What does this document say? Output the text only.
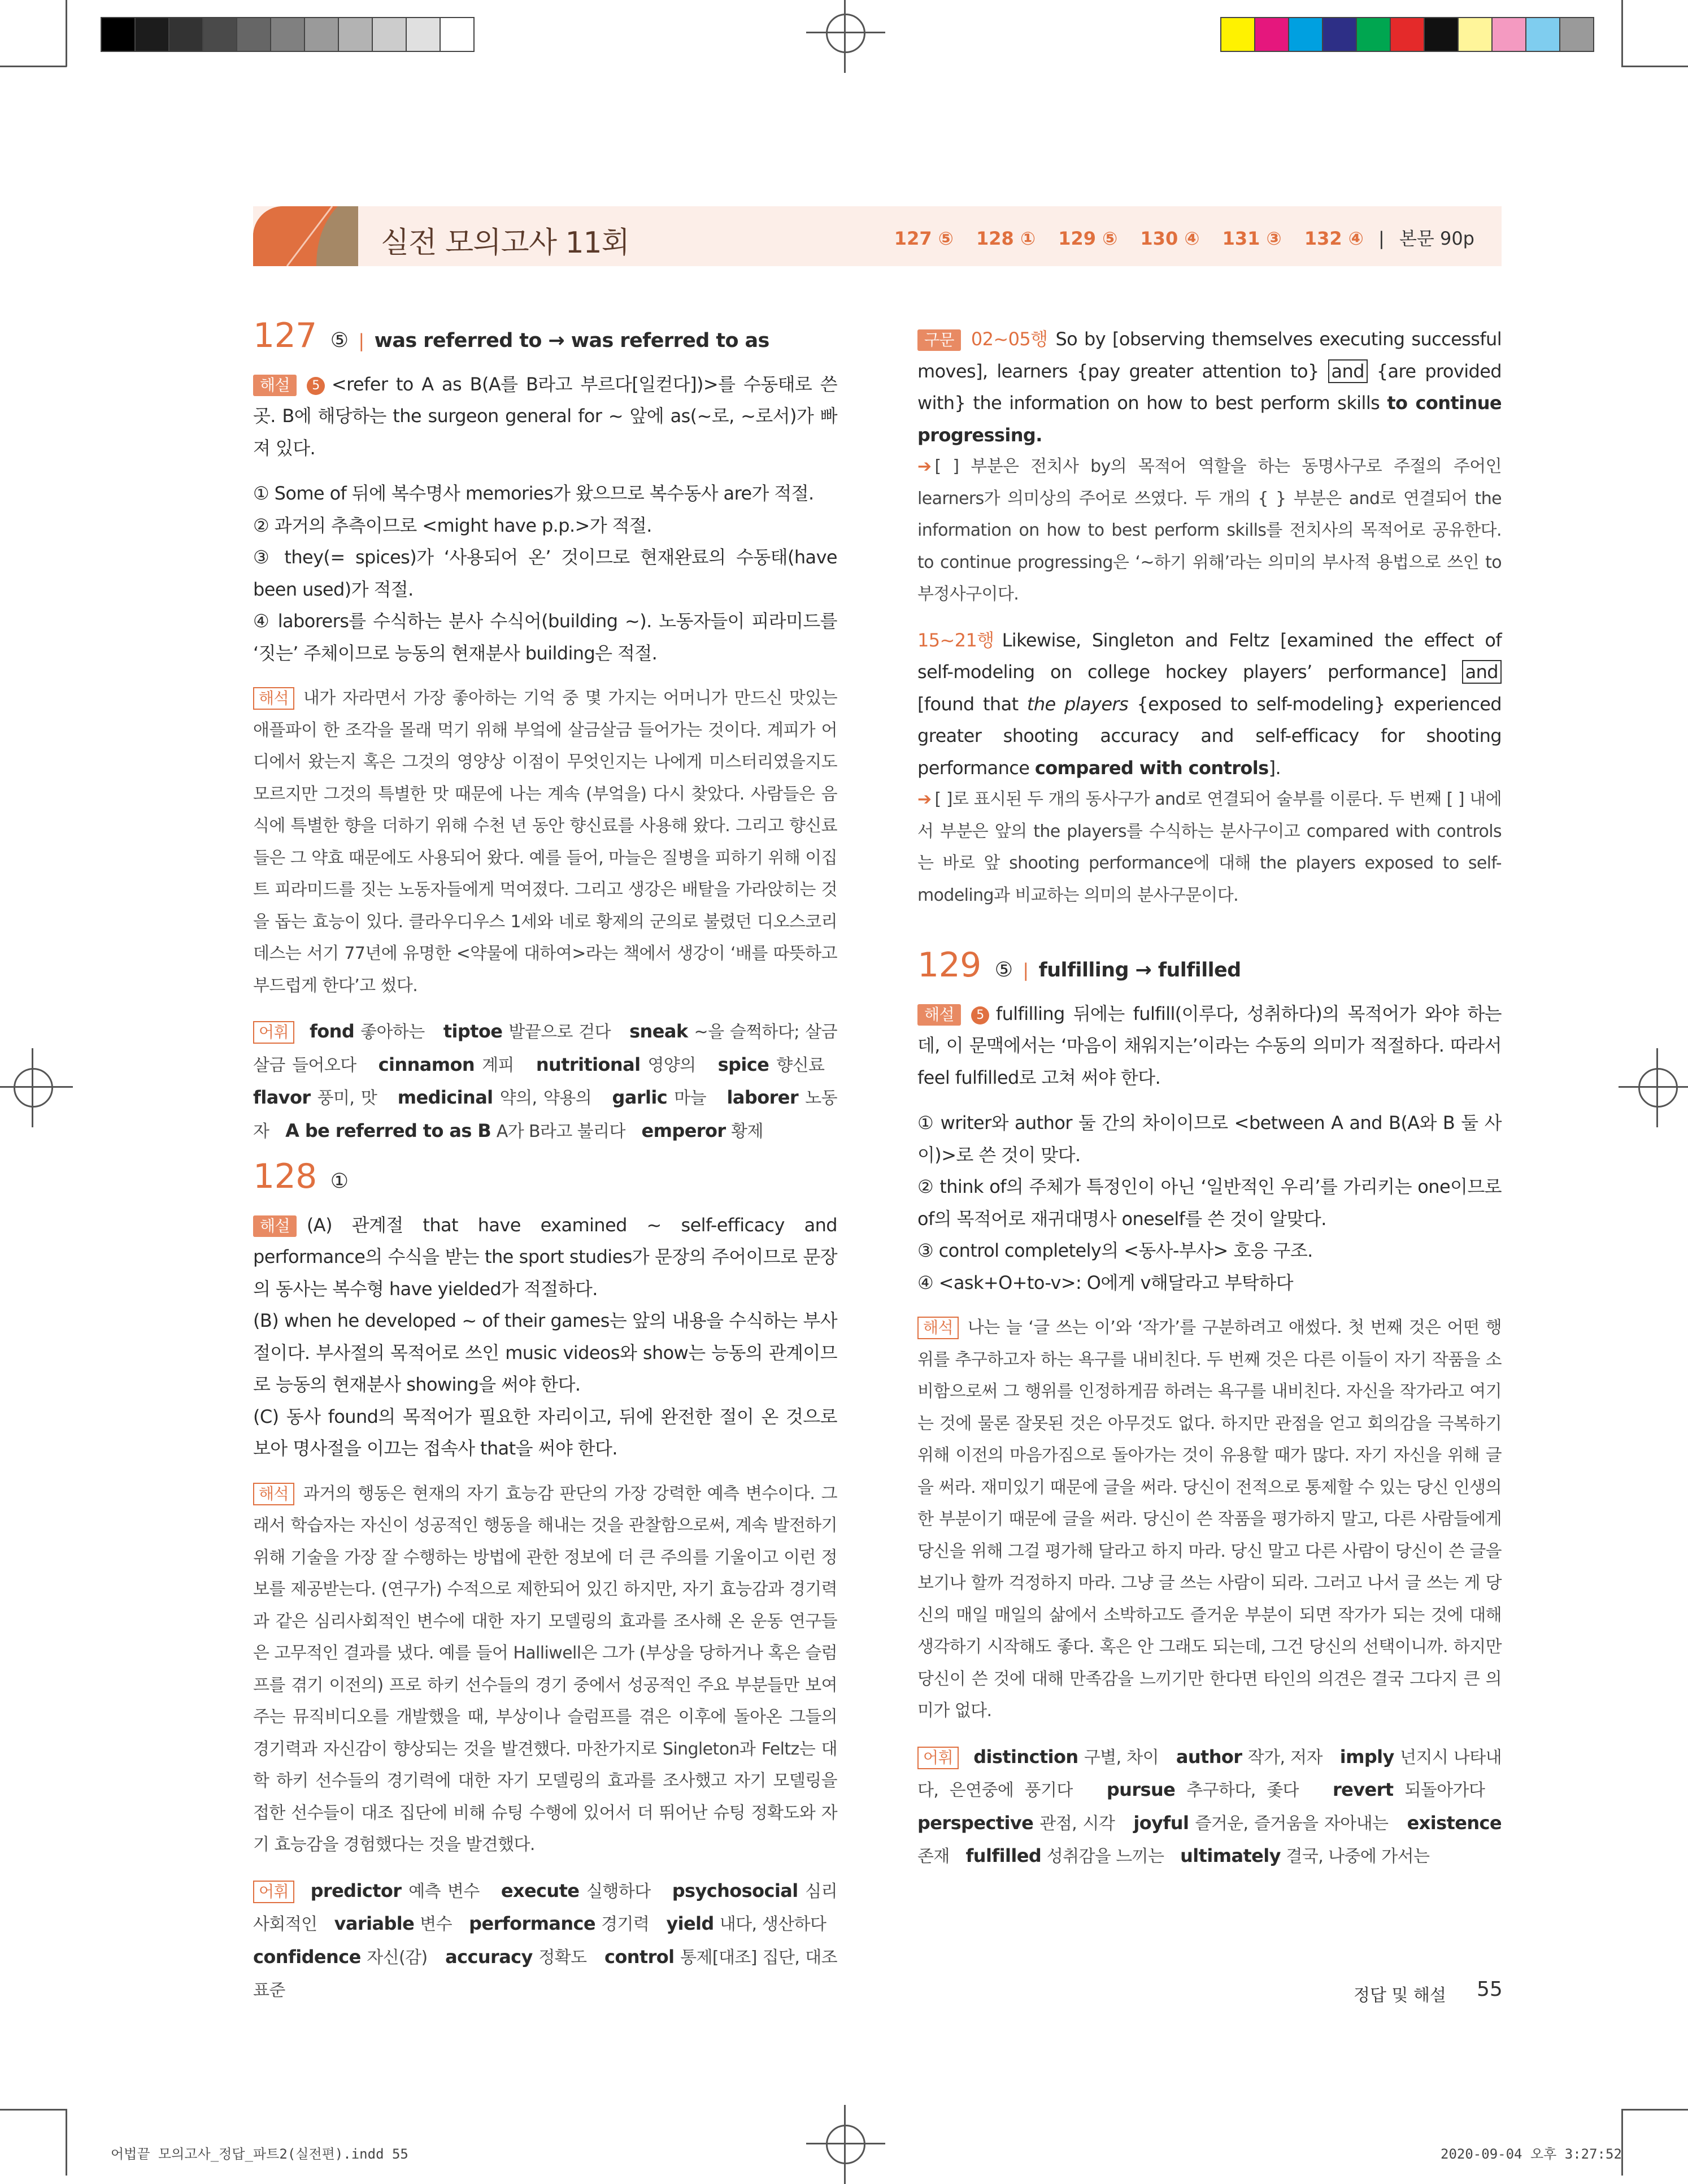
실전 모의고사 11회	127 ⑤ 128 ① 129 ⑤ 130 ④ 131 ③ 132 ④ | 본문 90p
127 ⑤ | was referred to → was referred to as

해설 5 <refer to A as B(A를 B라고 부르다[일컫다])>를 수동태로 쓴 곳. B에 해당하는 the surgeon general for ~ 앞에 as(~로, ~로서)가 빠져 있다.

① Some of 뒤에 복수명사 memories가 왔으므로 복수동사 are가 적절.

② 과거의 추측이므로 <might have p.p.>가 적절.

③ they(= spices)가 ‘사용되어 온’ 것이므로 현재완료의 수동태(have been used)가 적절.

④ laborers를 수식하는 분사 수식어(building ~). 노동자들이 피라미드를 ‘짓는’ 주체이므로 능동의 현재분사 building은 적절.

해석 내가 자라면서 가장 좋아하는 기억 중 몇 가지는 어머니가 만드신 맛있는 애플파이 한 조각을 몰래 먹기 위해 부엌에 살금살금 들어가는 것이다. 계피가 어디에서 왔는지 혹은 그것의 영양상 이점이 무엇인지는 나에게 미스터리였을지도 모르지만 그것의 특별한 맛 때문에 나는 계속 (부엌을) 다시 찾았다. 사람들은 음식에 특별한 향을 더하기 위해 수천 년 동안 향신료를 사용해 왔다. 그리고 향신료들은 그 약효 때문에도 사용되어 왔다. 예를 들어, 마늘은 질병을 피하기 위해 이집트 피라미드를 짓는 노동자들에게 먹여졌다. 그리고 생강은 배탈을 가라앉히는 것을 돕는 효능이 있다. 클라우디우스 1세와 네로 황제의 군의로 불렸던 디오스코리데스는 서기 77년에 유명한 <약물에 대하여>라는 책에서 생강이 ‘배를 따뜻하고 부드럽게 한다’고 썼다.

어휘 fond 좋아하는 tiptoe 발끝으로 걷다 sneak ~을 슬쩍하다; 살금살금 들어오다 cinnamon 계피 nutritional 영양의 spice 향신료   flavor 풍미, 맛 medicinal 약의, 약용의 garlic 마늘 laborer 노동자 A be referred to as B A가 B라고 불리다 emperor 황제

128 ①

해설 (A) 관계절 that have examined ~ self-efficacy and performance의 수식을 받는 the sport studies가 문장의 주어이므로 문장의 동사는 복수형 have yielded가 적절하다.

(B) when he developed ~ of their games는 앞의 내용을 수식하는 부사절이다. 부사절의 목적어로 쓰인 music videos와 show는 능동의 관계이므로 능동의 현재분사 showing을 써야 한다.

(C) 동사 found의 목적어가 필요한 자리이고, 뒤에 완전한 절이 온 것으로 보아 명사절을 이끄는 접속사 that을 써야 한다.

해석 과거의 행동은 현재의 자기 효능감 판단의 가장 강력한 예측 변수이다. 그래서 학습자는 자신이 성공적인 행동을 해내는 것을 관찰함으로써, 계속 발전하기 위해 기술을 가장 잘 수행하는 방법에 관한 정보에 더 큰 주의를 기울이고 이런 정보를 제공받는다. (연구가) 수적으로 제한되어 있긴 하지만, 자기 효능감과 경기력과 같은 심리사회적인 변수에 대한 자기 모델링의 효과를 조사해 온 운동 연구들은 고무적인 결과를 냈다. 예를 들어 Halliwell은 그가 (부상을 당하거나 혹은 슬럼프를 겪기 이전의) 프로 하키 선수들의 경기 중에서 성공적인 주요 부분들만 보여 주는 뮤직비디오를 개발했을 때, 부상이나 슬럼프를 겪은 이후에 돌아온 그들의 경기력과 자신감이 향상되는 것을 발견했다. 마찬가지로 Singleton과 Feltz는 대학 하키 선수들의 경기력에 대한 자기 모델링의 효과를 조사했고 자기 모델링을 접한 선수들이 대조 집단에 비해 슈팅 수행에 있어서 더 뛰어난 슈팅 정확도와 자기 효능감을 경험했다는 것을 발견했다.

어휘 predictor 예측 변수 execute 실행하다 psychosocial 심리 사회적인 variable 변수 performance 경기력 yield 내다, 생산하다   confidence 자신(감) accuracy 정확도 control 통제[대조] 집단, 대조 표준

구문 02~05행 So by [observing themselves executing successful moves], learners {pay greater attention to} and {are provided with} the information on how to best perform skills to continue progressing.

➔ [ ] 부분은 전치사 by의 목적어 역할을 하는 동명사구로 주절의 주어인 learners가 의미상의 주어로 쓰였다. 두 개의 { } 부분은 and로 연결되어 the information on how to best perform skills를 전치사의 목적어로 공유한다. to continue progressing은 ‘~하기 위해’라는 의미의 부사적 용법으로 쓰인 to부정사구이다.

15~21행 Likewise, Singleton and Feltz [examined the effect of self-modeling on college hockey players’ performance] and [found that the players {exposed to self-modeling} experienced greater shooting accuracy and self-efficacy for shooting performance compared with controls].

➔ [ ]로 표시된 두 개의 동사구가 and로 연결되어 술부를 이룬다. 두 번째 [ ] 내에서 부분은 앞의 the players를 수식하는 분사구이고 compared with controls는 바로 앞 shooting performance에 대해 the players exposed to self-modeling과 비교하는 의미의 분사구문이다.

129 ⑤ | fulfilling → fulfilled

해설 5 fulfilling 뒤에는 fulfill(이루다, 성취하다)의 목적어가 와야 하는데, 이 문맥에서는 ‘마음이 채워지는’이라는 수동의 의미가 적절하다. 따라서 feel fulfilled로 고쳐 써야 한다.

① writer와 author 둘 간의 차이이므로 <between A and B(A와 B 둘 사이)>로 쓴 것이 맞다.

② think of의 주체가 특정인이 아닌 ‘일반적인 우리’를 가리키는 one이므로 of의 목적어로 재귀대명사 oneself를 쓴 것이 알맞다.

③ control completely의 <동사-부사> 호응 구조.

④ <ask+O+to-v>: O에게 v해달라고 부탁하다

해석 나는 늘 ‘글 쓰는 이’와 ‘작가’를 구분하려고 애썼다. 첫 번째 것은 어떤 행위를 추구하고자 하는 욕구를 내비친다. 두 번째 것은 다른 이들이 자기 작품을 소비함으로써 그 행위를 인정하게끔 하려는 욕구를 내비친다. 자신을 작가라고 여기는 것에 물론 잘못된 것은 아무것도 없다. 하지만 관점을 얻고 회의감을 극복하기 위해 이전의 마음가짐으로 돌아가는 것이 유용할 때가 많다. 자기 자신을 위해 글을 써라. 재미있기 때문에 글을 써라. 당신이 전적으로 통제할 수 있는 당신 인생의 한 부분이기 때문에 글을 써라. 당신이 쓴 작품을 평가하지 말고, 다른 사람들에게 당신을 위해 그걸 평가해 달라고 하지 마라. 당신 말고 다른 사람이 당신이 쓴 글을 보기나 할까 걱정하지 마라. 그냥 글 쓰는 사람이 되라. 그러고 나서 글 쓰는 게 당신의 매일 매일의 삶에서 소박하고도 즐거운 부분이 되면 작가가 되는 것에 대해 생각하기 시작해도 좋다. 혹은 안 그래도 되는데, 그건 당신의 선택이니까. 하지만 당신이 쓴 것에 대해 만족감을 느끼기만 한다면 타인의 의견은 결국 그다지 큰 의미가 없다.

어휘 distinction 구별, 차이 author 작가, 저자 imply 넌지시 나타내다, 은연중에 풍기다 pursue 추구하다, 좇다 revert 되돌아가다   perspective 관점, 시각 joyful 즐거운, 즐거움을 자아내는 existence 존재 fulfilled 성취감을 느끼는 ultimately 결국, 나중에 가서는

정답 및 해설 55
어법끝 모의고사_정답_파트2(실전편).indd 55	2020-09-04 오후 3:27:52
